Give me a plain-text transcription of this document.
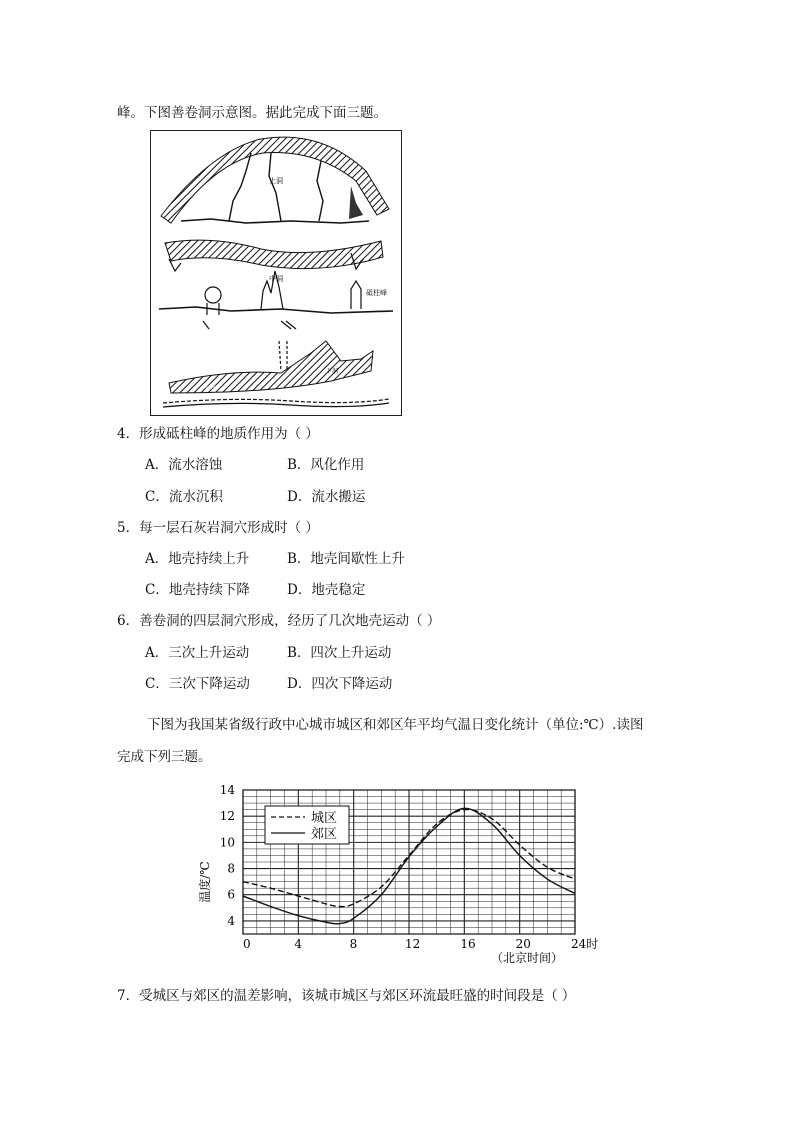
峰。下图善卷洞示意图。据此完成下面三题。
上洞
中洞
砥柱峰
下洞
水洞
4．形成砥柱峰的地质作用为（ ）
A．流水溶蚀	B．风化作用
C．流水沉积	D．流水搬运
5．每一层石灰岩洞穴形成时（ ）
A．地壳持续上升	B．地壳间歇性上升
C．地壳持续下降	D．地壳稳定
6．善卷洞的四层洞穴形成，经历了几次地壳运动（ ）
A．三次上升运动	B．四次上升运动
C．三次下降运动	D．四次下降运动
下图为我国某省级行政中心城市城区和郊区年平均气温日变化统计（单位:℃）.读图
完成下列三题。
0	4	8	12	16	20	24时
4
6
8
10
12
14
城区
郊区
温度/℃
（北京时间）
7．受城区与郊区的温差影响，该城市城区与郊区环流最旺盛的时间段是（ ）
